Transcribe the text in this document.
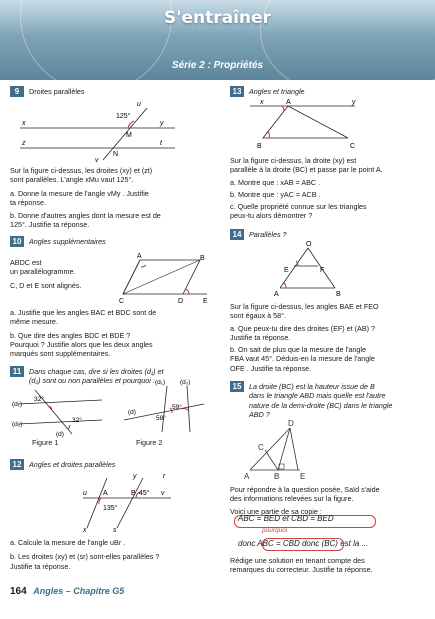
S'entraîner
Série 2 : Propriétés
9	Droites parallèles
u
125°
x
M
y
z
N
t
v
Sur la figure ci-dessus, les droites (xy) et (zt)
sont parallèles. L'angle xMu vaut 125°.
a. Donne la mesure de l'angle vMy . Justifie
ta réponse.
b. Donne d'autres angles dont la mesure est de
125°. Justifie ta réponse.
10	Angles supplémentaires
ABDC est
un parallélogramme.
C, D et E sont alignés.
A	B
C	D	E
a. Justifie que les angles BAC et BDC sont de
même mesure.
b. Que dire des angles BDC et BDE ?
Pourquoi ? Justifie alors que les deux angles
marqués sont supplémentaires.
11	Dans chaque cas, dire si les droites (d₁) et
(d₂) sont ou non parallèles et pourquoi :
(d₁)
(d₂)
(d)
32°
32°
(d₁) (d₂)
(d)
59°
58°
Figure 1	Figure 2
12	Angles et droites parallèles
y	r
u A	B 45° v
135°
x	s
a. Calcule la mesure de l'angle uBr .
b. Les droites (xy) et (sr) sont-elles parallèles ?
Justifie ta réponse.
13	Angles et triangle
x	A	y
B	C
Sur la figure ci-dessus, la droite (xy) est
parallèle à la droite (BC) et passe par le point A.
a. Montre que : xAB = ABC .
b. Montre que : yAC = ACB .
c. Quelle propriété connue sur les triangles
peux-tu alors démontrer ?
14	Parallèles ?
O
E	F
A	B
Sur la figure ci-dessus, les angles BAE et FEO
sont égaux à 58°.
a. Que peux-tu dire des droites (EF) et (AB) ?
Justifie ta réponse.
b. On sait de plus que la mesure de l'angle
FBA vaut 45°. Déduis-en la mesure de l'angle
OFE . Justifie ta réponse.
15	La droite (BC) est la hauteur issue de B
dans le triangle ABD mais quelle est l'autre
nature de la demi-droite (BC) dans le triangle
ABD ?
D
C
A	B	E
Pour répondre à la question posée, Saïd s'aide
des informations relevées sur la figure.
Voici une partie de sa copie :
ABC = BED et CBD = BED
pourquoi
donc ABC = CBD donc (BC) est la ...
Rédige une solution en tenant compte des
remarques du correcteur. Justifie ta réponse.
164 Angles – Chapitre G5
